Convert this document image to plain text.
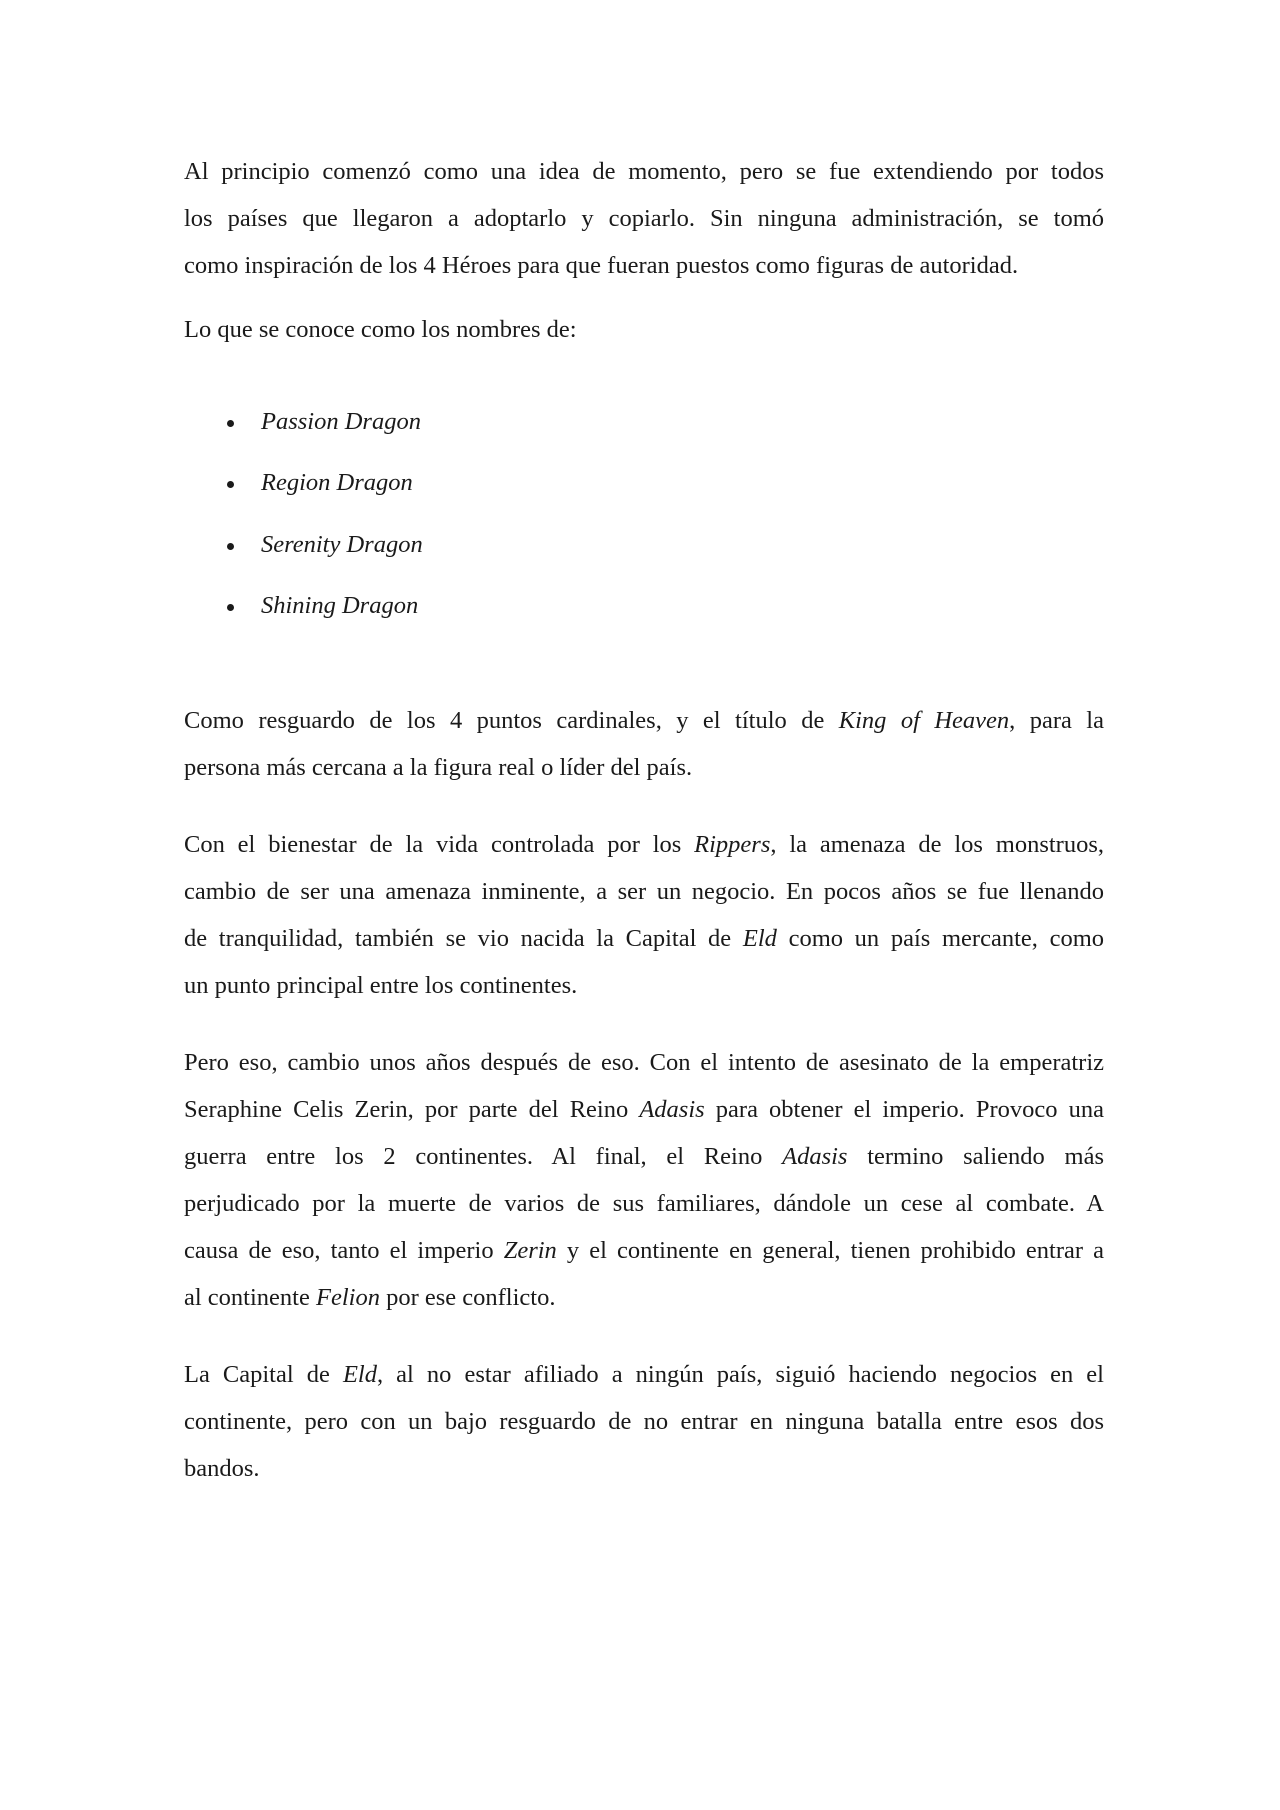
Al principio comenzó como una idea de momento, pero se fue extendiendo por todos
los países que llegaron a adoptarlo y copiarlo. Sin ninguna administración, se tomó
como inspiración de los 4 Héroes para que fueran puestos como figuras de autoridad.

Lo que se conoce como los nombres de:

Passion Dragon
Region Dragon
Serenity Dragon
Shining Dragon

Como resguardo de los 4 puntos cardinales, y el título de King of Heaven, para la
persona más cercana a la figura real o líder del país.

Con el bienestar de la vida controlada por los Rippers, la amenaza de los monstruos,
cambio de ser una amenaza inminente, a ser un negocio. En pocos años se fue llenando
de tranquilidad, también se vio nacida la Capital de Eld como un país mercante, como
un punto principal entre los continentes.

Pero eso, cambio unos años después de eso. Con el intento de asesinato de la emperatriz
Seraphine Celis Zerin, por parte del Reino Adasis para obtener el imperio. Provoco una
guerra entre los 2 continentes. Al final, el Reino Adasis termino saliendo más
perjudicado por la muerte de varios de sus familiares, dándole un cese al combate. A
causa de eso, tanto el imperio Zerin y el continente en general, tienen prohibido entrar a
al continente Felion por ese conflicto.

La Capital de Eld, al no estar afiliado a ningún país, siguió haciendo negocios en el
continente, pero con un bajo resguardo de no entrar en ninguna batalla entre esos dos
bandos.
